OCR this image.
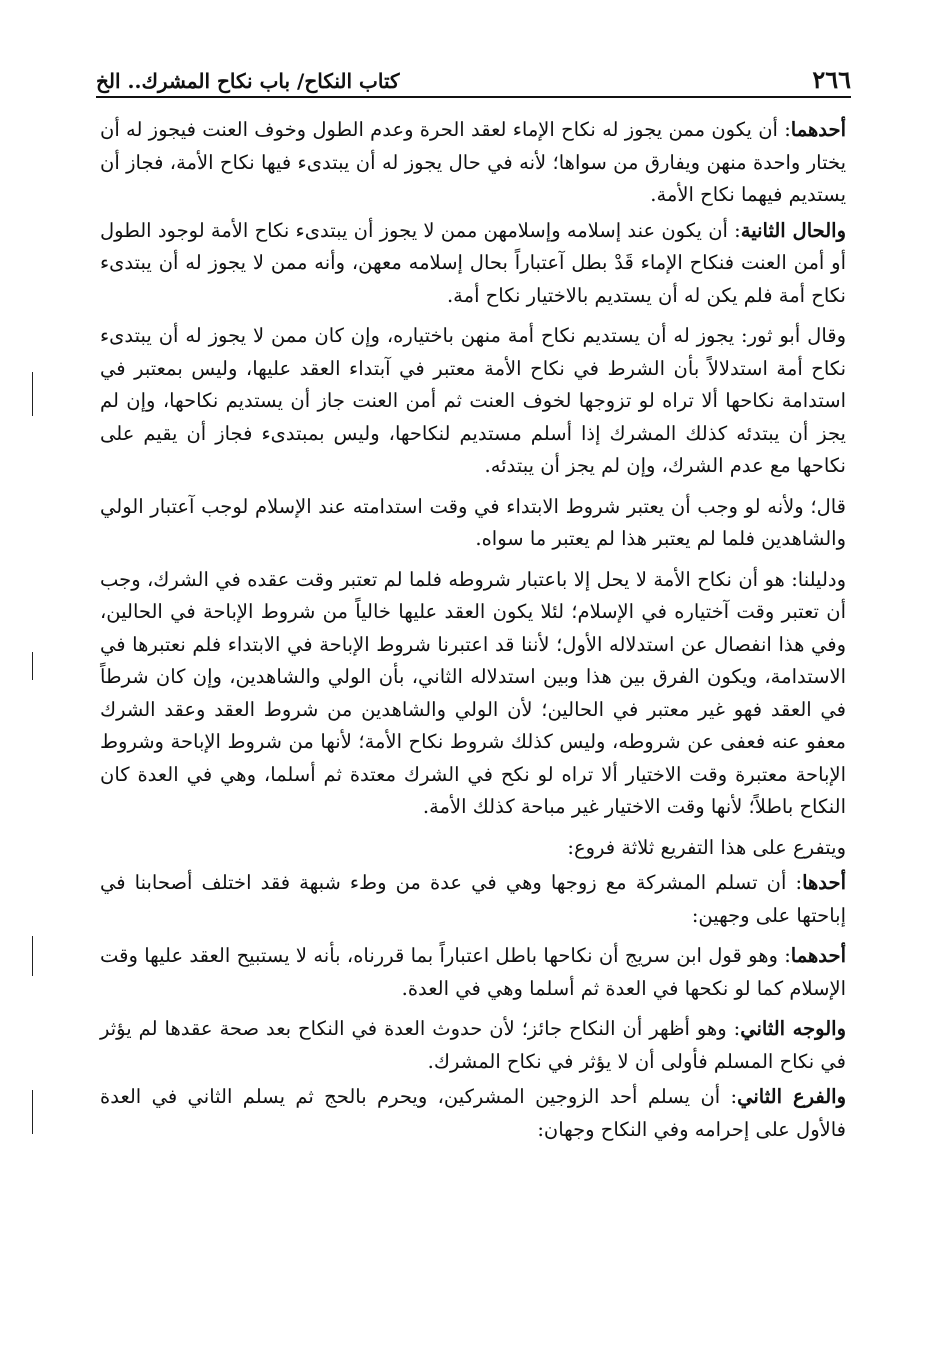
٢٦٦
كتاب النكاح/ باب نكاح المشرك.. الخ

أحدهما: أن يكون ممن يجوز له نكاح الإماء لعقد الحرة وعدم الطول وخوف العنت فيجوز له أن يختار واحدة منهن ويفارق من سواها؛ لأنه في حال يجوز له أن يبتدىء فيها نكاح الأمة، فجاز أن يستديم فيهما نكاح الأمة.

والحال الثانية: أن يكون عند إسلامه وإسلامهن ممن لا يجوز أن يبتدىء نكاح الأمة لوجود الطول أو أمن العنت فنكاح الإماء قَدْ بطل آعتباراً بحال إسلامه معهن، وأنه ممن لا يجوز له أن يبتدىء نكاح أمة فلم يكن له أن يستديم بالاختيار نكاح أمة.

وقال أبو ثور: يجوز له أن يستديم نكاح أمة منهن باختياره، وإن كان ممن لا يجوز له أن يبتدىء نكاح أمة استدلالاً بأن الشرط في نكاح الأمة معتبر في آبتداء العقد عليها، وليس بمعتبر في استدامة نكاحها ألا تراه لو تزوجها لخوف العنت ثم أمن العنت جاز أن يستديم نكاحها، وإن لم يجز أن يبتدئه كذلك المشرك إذا أسلم مستديم لنكاحها، وليس بمبتدىء فجاز أن يقيم على نكاحها مع عدم الشرك، وإن لم يجز أن يبتدئه.

قال؛ ولأنه لو وجب أن يعتبر شروط الابتداء في وقت استدامته عند الإسلام لوجب آعتبار الولي والشاهدين فلما لم يعتبر هذا لم يعتبر ما سواه.

ودليلنا: هو أن نكاح الأمة لا يحل إلا باعتبار شروطه فلما لم تعتبر وقت عقده في الشرك، وجب أن تعتبر وقت آختياره في الإسلام؛ لئلا يكون العقد عليها خالياً من شروط الإباحة في الحالين، وفي هذا انفصال عن استدلاله الأول؛ لأننا قد اعتبرنا شروط الإباحة في الابتداء فلم نعتبرها في الاستدامة، ويكون الفرق بين هذا وبين استدلاله الثاني، بأن الولي والشاهدين، وإن كان شرطاً في العقد فهو غير معتبر في الحالين؛ لأن الولي والشاهدين من شروط العقد وعقد الشرك معفو عنه فعفى عن شروطه، وليس كذلك شروط نكاح الأمة؛ لأنها من شروط الإباحة وشروط الإباحة معتبرة وقت الاختيار ألا تراه لو نكح في الشرك معتدة ثم أسلما، وهي في العدة كان النكاح باطلاً؛ لأنها وقت الاختيار غير مباحة كذلك الأمة.

ويتفرع على هذا التفريع ثلاثة فروع:

أحدها: أن تسلم المشركة مع زوجها وهي في عدة من وطء شبهة فقد اختلف أصحابنا في إباحتها على وجهين:

أحدهما: وهو قول ابن سريج أن نكاحها باطل اعتباراً بما قررناه، بأنه لا يستبيح العقد عليها وقت الإسلام كما لو نكحها في العدة ثم أسلما وهي في العدة.

والوجه الثاني: وهو أظهر أن النكاح جائز؛ لأن حدوث العدة في النكاح بعد صحة عقدها لم يؤثر في نكاح المسلم فأولى أن لا يؤثر في نكاح المشرك.

والفرع الثاني: أن يسلم أحد الزوجين المشركين، ويحرم بالحج ثم يسلم الثاني في العدة فالأول على إحرامه وفي النكاح وجهان:
